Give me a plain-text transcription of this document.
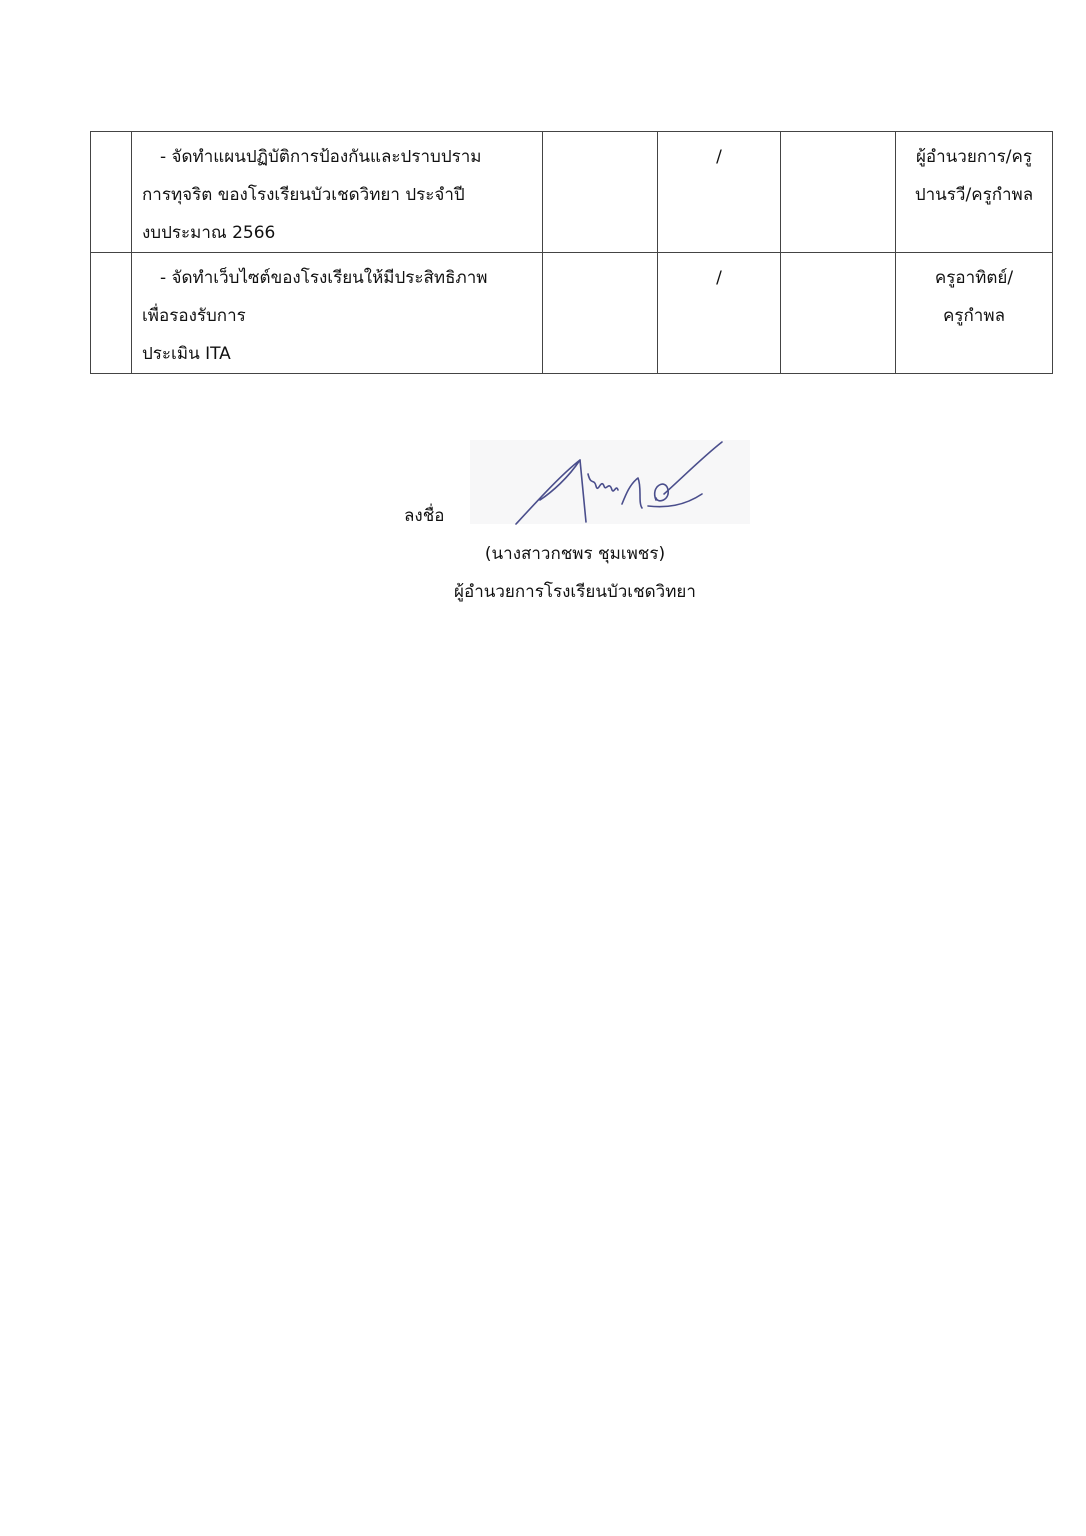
	- จัดทำแผนปฏิบัติการป้องกันและปราบปราม
การทุจริต ของโรงเรียนบัวเชดวิทยา ประจำปี
งบประมาณ 2566		/		ผู้อำนวยการ/ครู
ปานรวี/ครูกำพล

	- จัดทำเว็บไซต์ของโรงเรียนให้มีประสิทธิภาพ
เพื่อรองรับการ
ประเมิน ITA		/		ครูอาทิตย์/
ครูกำพล
ลงชื่อ
(นางสาวกชพร ชุมเพชร)
ผู้อำนวยการโรงเรียนบัวเชดวิทยา
